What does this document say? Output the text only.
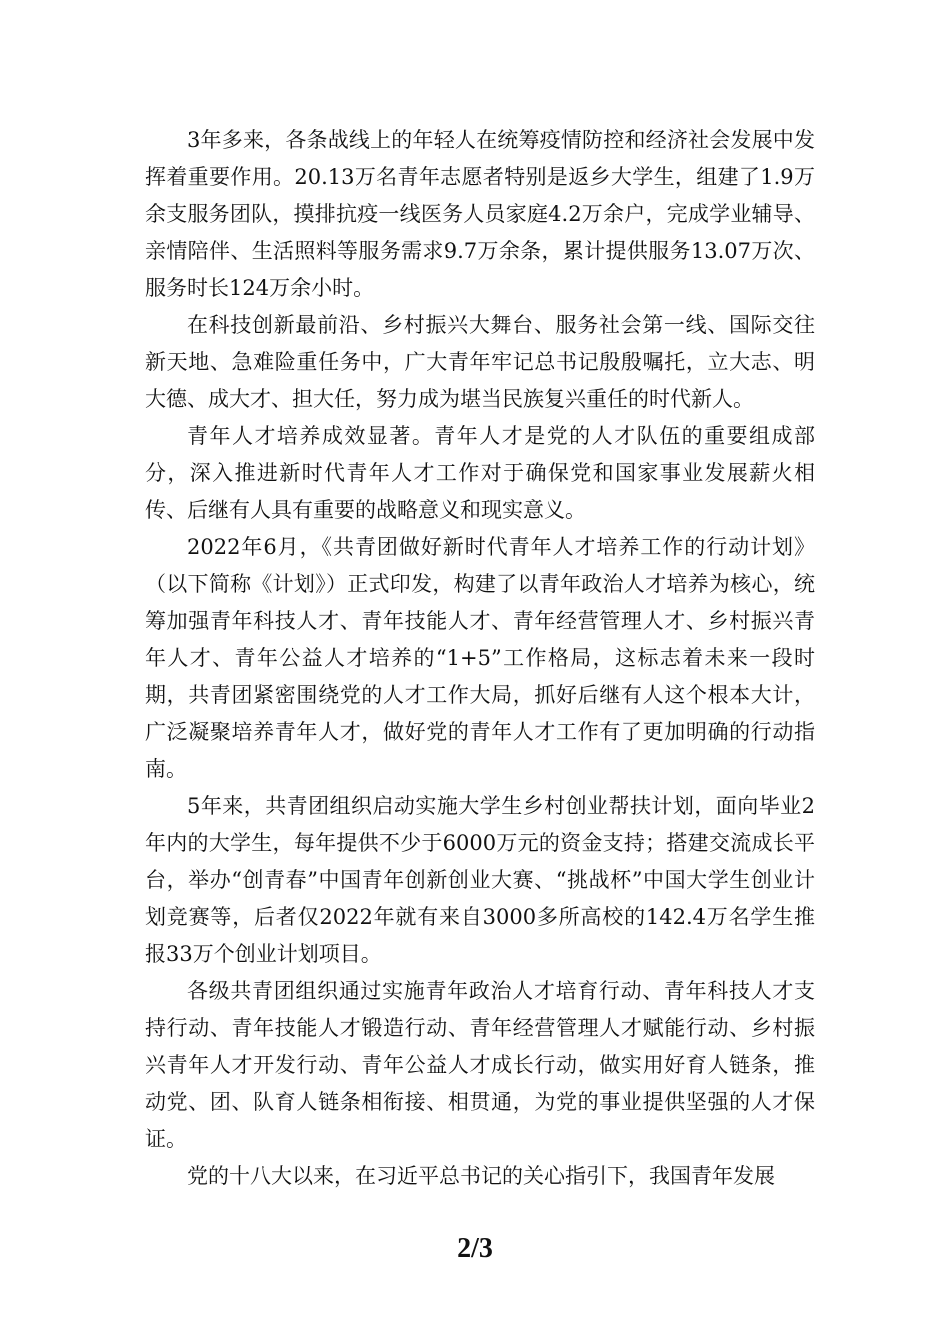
3年多来，各条战线上的年轻人在统筹疫情防控和经济社会发展中发挥着重要作用。20.13万名青年志愿者特别是返乡大学生，组建了1.9万余支服务团队，摸排抗疫一线医务人员家庭4.2万余户，完成学业辅导、亲情陪伴、生活照料等服务需求9.7万余条，累计提供服务13.07万次、服务时长124万余小时。

在科技创新最前沿、乡村振兴大舞台、服务社会第一线、国际交往新天地、急难险重任务中，广大青年牢记总书记殷殷嘱托，立大志、明大德、成大才、担大任，努力成为堪当民族复兴重任的时代新人。

青年人才培养成效显著。青年人才是党的人才队伍的重要组成部分，深入推进新时代青年人才工作对于确保党和国家事业发展薪火相传、后继有人具有重要的战略意义和现实意义。

2022年6月，《共青团做好新时代青年人才培养工作的行动计划》（以下简称《计划》）正式印发，构建了以青年政治人才培养为核心，统筹加强青年科技人才、青年技能人才、青年经营管理人才、乡村振兴青年人才、青年公益人才培养的“1+5”工作格局，这标志着未来一段时期，共青团紧密围绕党的人才工作大局，抓好后继有人这个根本大计，广泛凝聚培养青年人才，做好党的青年人才工作有了更加明确的行动指南。

5年来，共青团组织启动实施大学生乡村创业帮扶计划，面向毕业2年内的大学生，每年提供不少于6000万元的资金支持；搭建交流成长平台，举办“创青春”中国青年创新创业大赛、“挑战杯”中国大学生创业计划竞赛等，后者仅2022年就有来自3000多所高校的142.4万名学生推报33万个创业计划项目。

各级共青团组织通过实施青年政治人才培育行动、青年科技人才支持行动、青年技能人才锻造行动、青年经营管理人才赋能行动、乡村振兴青年人才开发行动、青年公益人才成长行动，做实用好育人链条，推动党、团、队育人链条相衔接、相贯通，为党的事业提供坚强的人才保证。

党的十八大以来，在习近平总书记的关心指引下，我国青年发展

2/3
